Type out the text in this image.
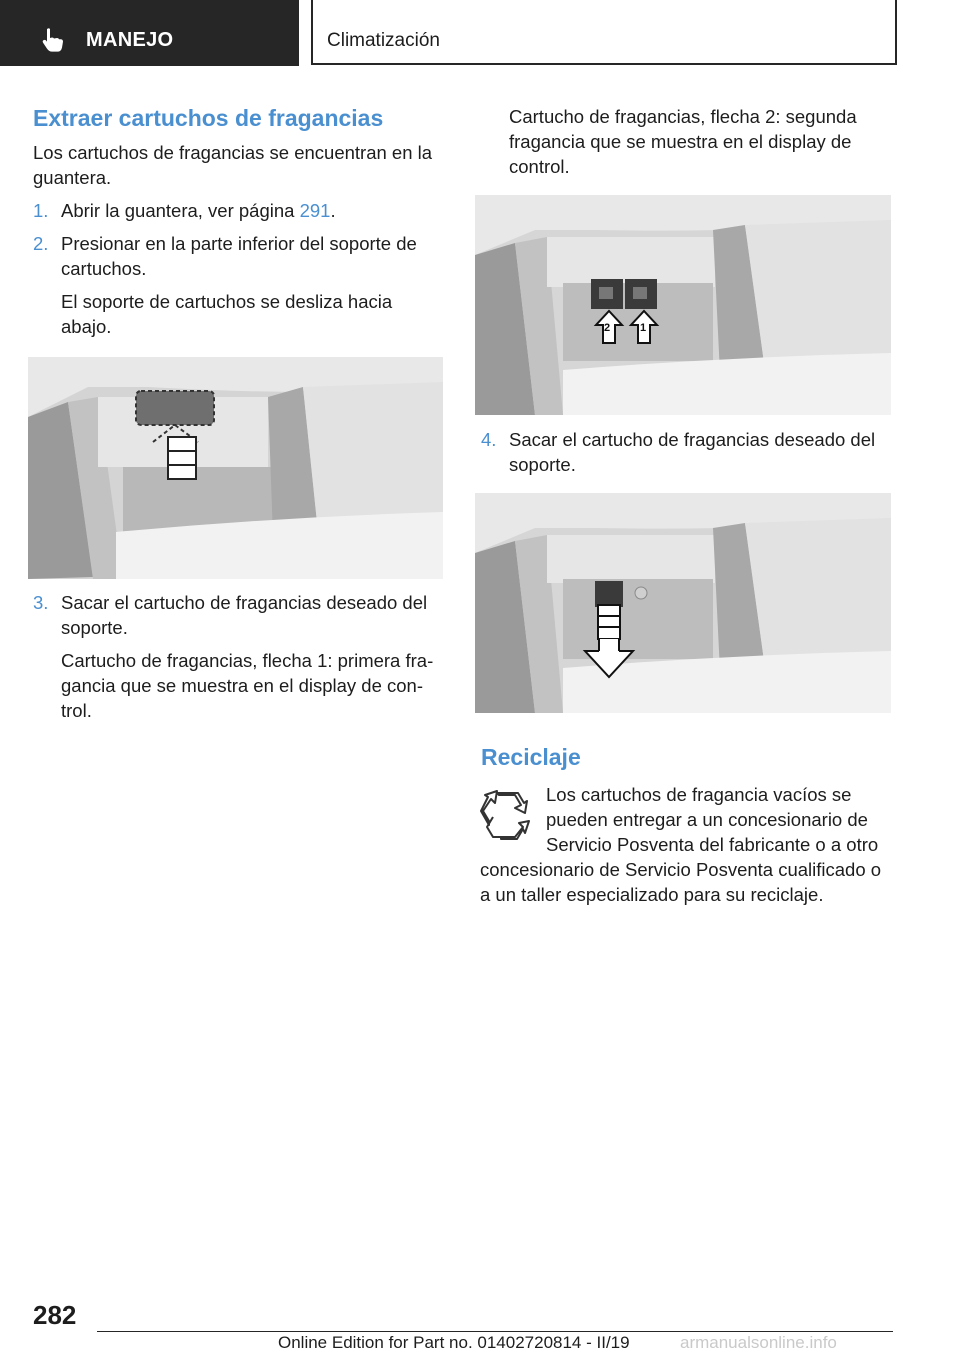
MANEJO	Climatización
Extraer cartuchos de fragancias

Los cartuchos de fragancias se encuentran en la guantera.

1. Abrir la guantera, ver página 291.
2. Presionar en la parte inferior del soporte de cartuchos.

El soporte de cartuchos se desliza hacia abajo.

3. Sacar el cartucho de fragancias deseado del soporte.

Cartucho de fragancias, flecha 1: primera fra-gancia que se muestra en el display de con-trol.

Cartucho de fragancias, flecha 2: segunda fragancia que se muestra en el display de control.

2	1
4. Sacar el cartucho de fragancias deseado del soporte.
Reciclaje
Los cartuchos de fragancia vacíos se pueden entregar a un concesionario de Servicio Posventa del fabricante o a otro concesionario de Servicio Posventa cualificado o a un taller especializado para su reciclaje.
282
Online Edition for Part no. 01402720814 - II/19	armanualsonline.info
